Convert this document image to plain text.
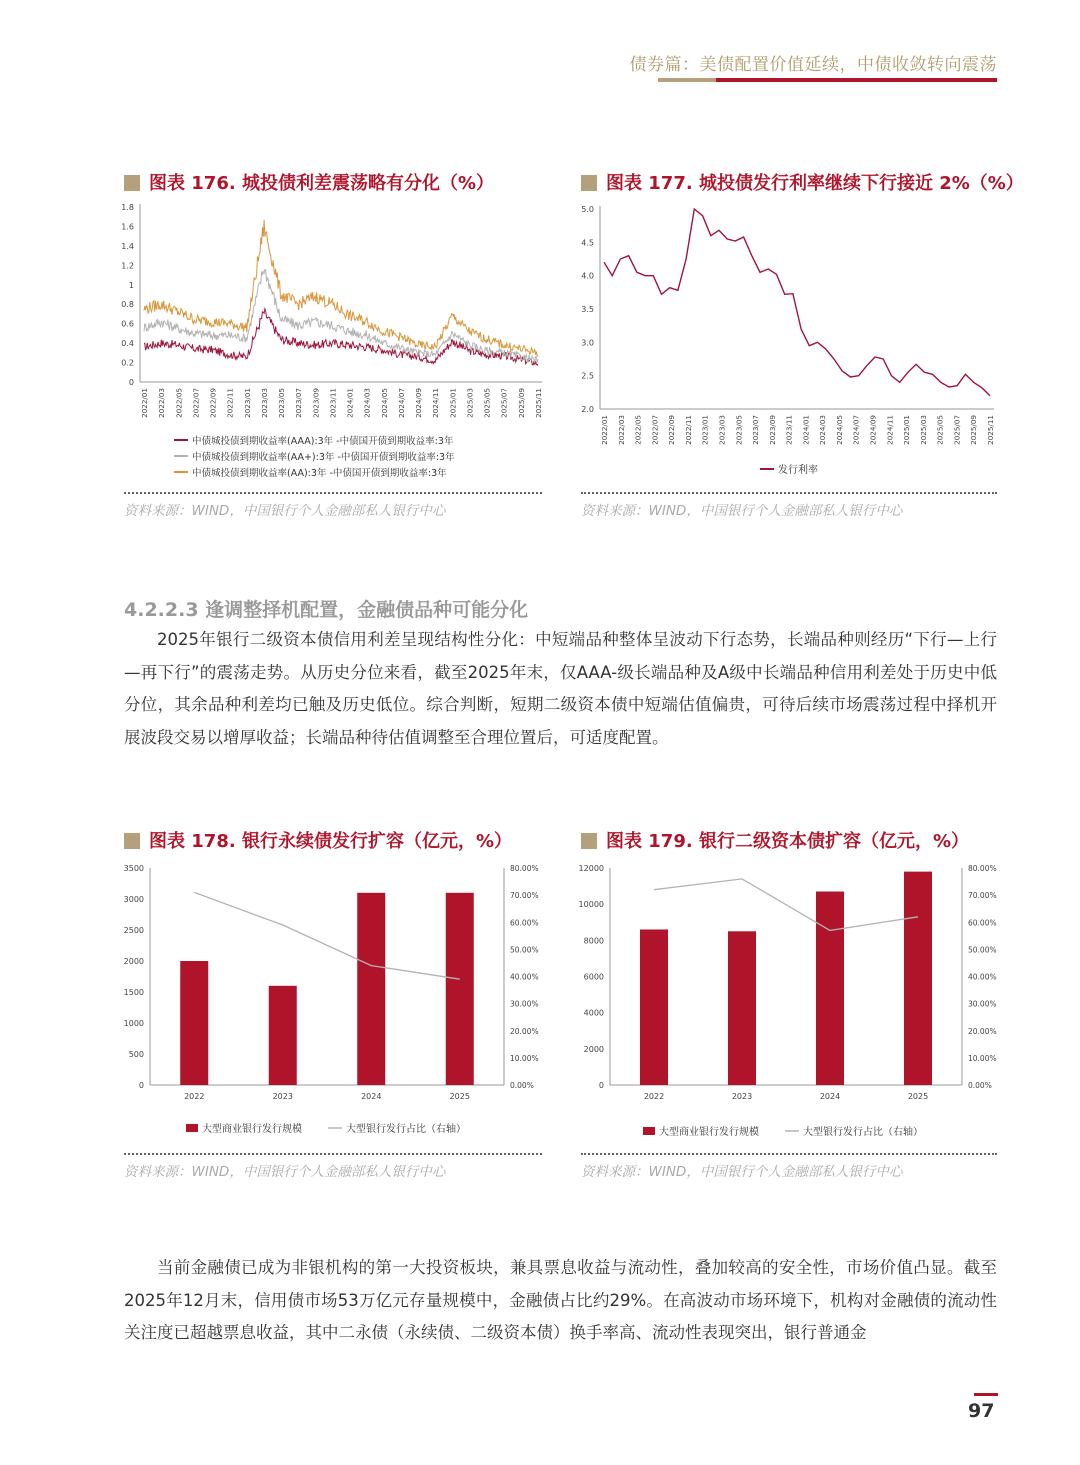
债券篇：美债配置价值延续，中债收敛转向震荡
图表 176. 城投债利差震荡略有分化（%）
0
0.2
0.4
0.6
0.8
1
1.2
1.4
1.6
1.8
2022/01 2022/03 2022/05 2022/07 2022/09 2022/11 2023/01 2023/03 2023/05 2023/07 2023/09 2023/11 2024/01 2024/03 2024/05 2024/07 2024/09 2024/11 2025/01 2025/03 2025/05 2025/07 2025/09 2025/11
中债城投债到期收益率(AAA):3年 -中债国开债到期收益率:3年
中债城投债到期收益率(AA+):3年 -中债国开债到期收益率:3年
中债城投债到期收益率(AA):3年 -中债国开债到期收益率:3年
资料来源：WIND，中国银行个人金融部私人银行中心
图表 177. 城投债发行利率继续下行接近 2%（%）
2.0
2.5
3.0
3.5
4.0
4.5
5.0
2022/01 2022/03 2022/05 2022/07 2022/09 2022/11 2023/01 2023/03 2023/05 2023/07 2023/09 2023/11 2024/01 2024/03 2024/05 2024/07 2024/09 2024/11 2025/01 2025/03 2025/05 2025/07 2025/09 2025/11
发行利率
资料来源：WIND，中国银行个人金融部私人银行中心
4.2.2.3 逢调整择机配置，金融债品种可能分化

2025年银行二级资本债信用利差呈现结构性分化：中短端品种整体呈波动下行态势，长端品种则经历“下行—上行—再下行”的震荡走势。从历史分位来看，截至2025年末，仅AAA-级长端品种及A级中长端品种信用利差处于历史中低分位，其余品种利差均已触及历史低位。综合判断，短期二级资本债中短端估值偏贵，可待后续市场震荡过程中择机开展波段交易以增厚收益；长端品种待估值调整至合理位置后，可适度配置。

图表 178. 银行永续债发行扩容（亿元，%）
0
500
1000
1500
2000
2500
3000
3500
0.00%
10.00%
20.00%
30.00%
40.00%
50.00%
60.00%
70.00%
80.00%
2022	2023	2024	2025
大型商业银行发行规模	大型银行发行占比（右轴）
资料来源：WIND，中国银行个人金融部私人银行中心
图表 179. 银行二级资本债扩容（亿元，%）
0
2000
4000
6000
8000
10000
12000
0.00%
10.00%
20.00%
30.00%
40.00%
50.00%
60.00%
70.00%
80.00%
2022	2023	2024	2025
大型商业银行发行规模	大型银行发行占比（右轴）
资料来源：WIND，中国银行个人金融部私人银行中心

当前金融债已成为非银机构的第一大投资板块，兼具票息收益与流动性，叠加较高的安全性，市场价值凸显。截至2025年12月末，信用债市场53万亿元存量规模中，金融债占比约29%。在高波动市场环境下，机构对金融债的流动性关注度已超越票息收益，其中二永债（永续债、二级资本债）换手率高、流动性表现突出，银行普通金

97
